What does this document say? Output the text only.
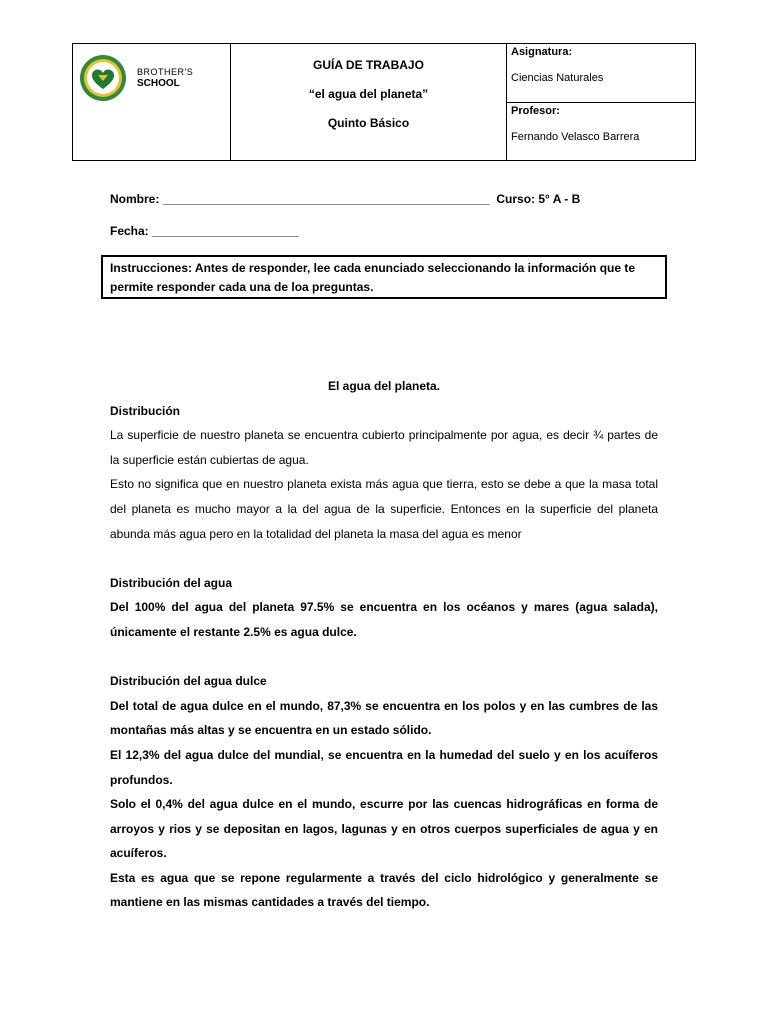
BROTHER'S
SCHOOL
GUÍA DE TRABAJO
“el agua del planeta”
Quinto Básico
Asignatura:
Ciencias Naturales
Profesor:
Fernando Velasco Barrera
Nombre: _________________________________________________  Curso: 5° A - B
Fecha: ______________________
Instrucciones: Antes de responder, lee cada enunciado seleccionando la información que te permite responder cada una de loa preguntas.

El agua del planeta.

Distribución

La superficie de nuestro planeta se encuentra cubierto principalmente por agua, es decir ¾ partes de la superficie están cubiertas de agua.

Esto no significa que en nuestro planeta exista más agua que tierra, esto se debe a que la masa total del planeta es mucho mayor a la del agua de la superficie. Entonces en la superficie del planeta abunda más agua pero en la totalidad del planeta la masa del agua es menor

Distribución del agua

Del 100% del agua del planeta 97.5% se encuentra en los océanos y mares (agua salada), únicamente el restante 2.5% es agua dulce.

Distribución del agua dulce

Del total de agua dulce en el mundo, 87,3% se encuentra en los polos y en las cumbres de las montañas más altas y se encuentra en un estado sólido.

El 12,3% del agua dulce del mundial, se encuentra en la humedad del suelo y en los acuíferos profundos.

Solo el 0,4% del agua dulce en el mundo, escurre por las cuencas hidrográficas en forma de arroyos y rios y se depositan en lagos, lagunas y en otros cuerpos superficiales de agua y en acuíferos.

Esta es agua que se repone regularmente a través del ciclo hidrológico y generalmente se mantiene en las mismas cantidades a través del tiempo.
